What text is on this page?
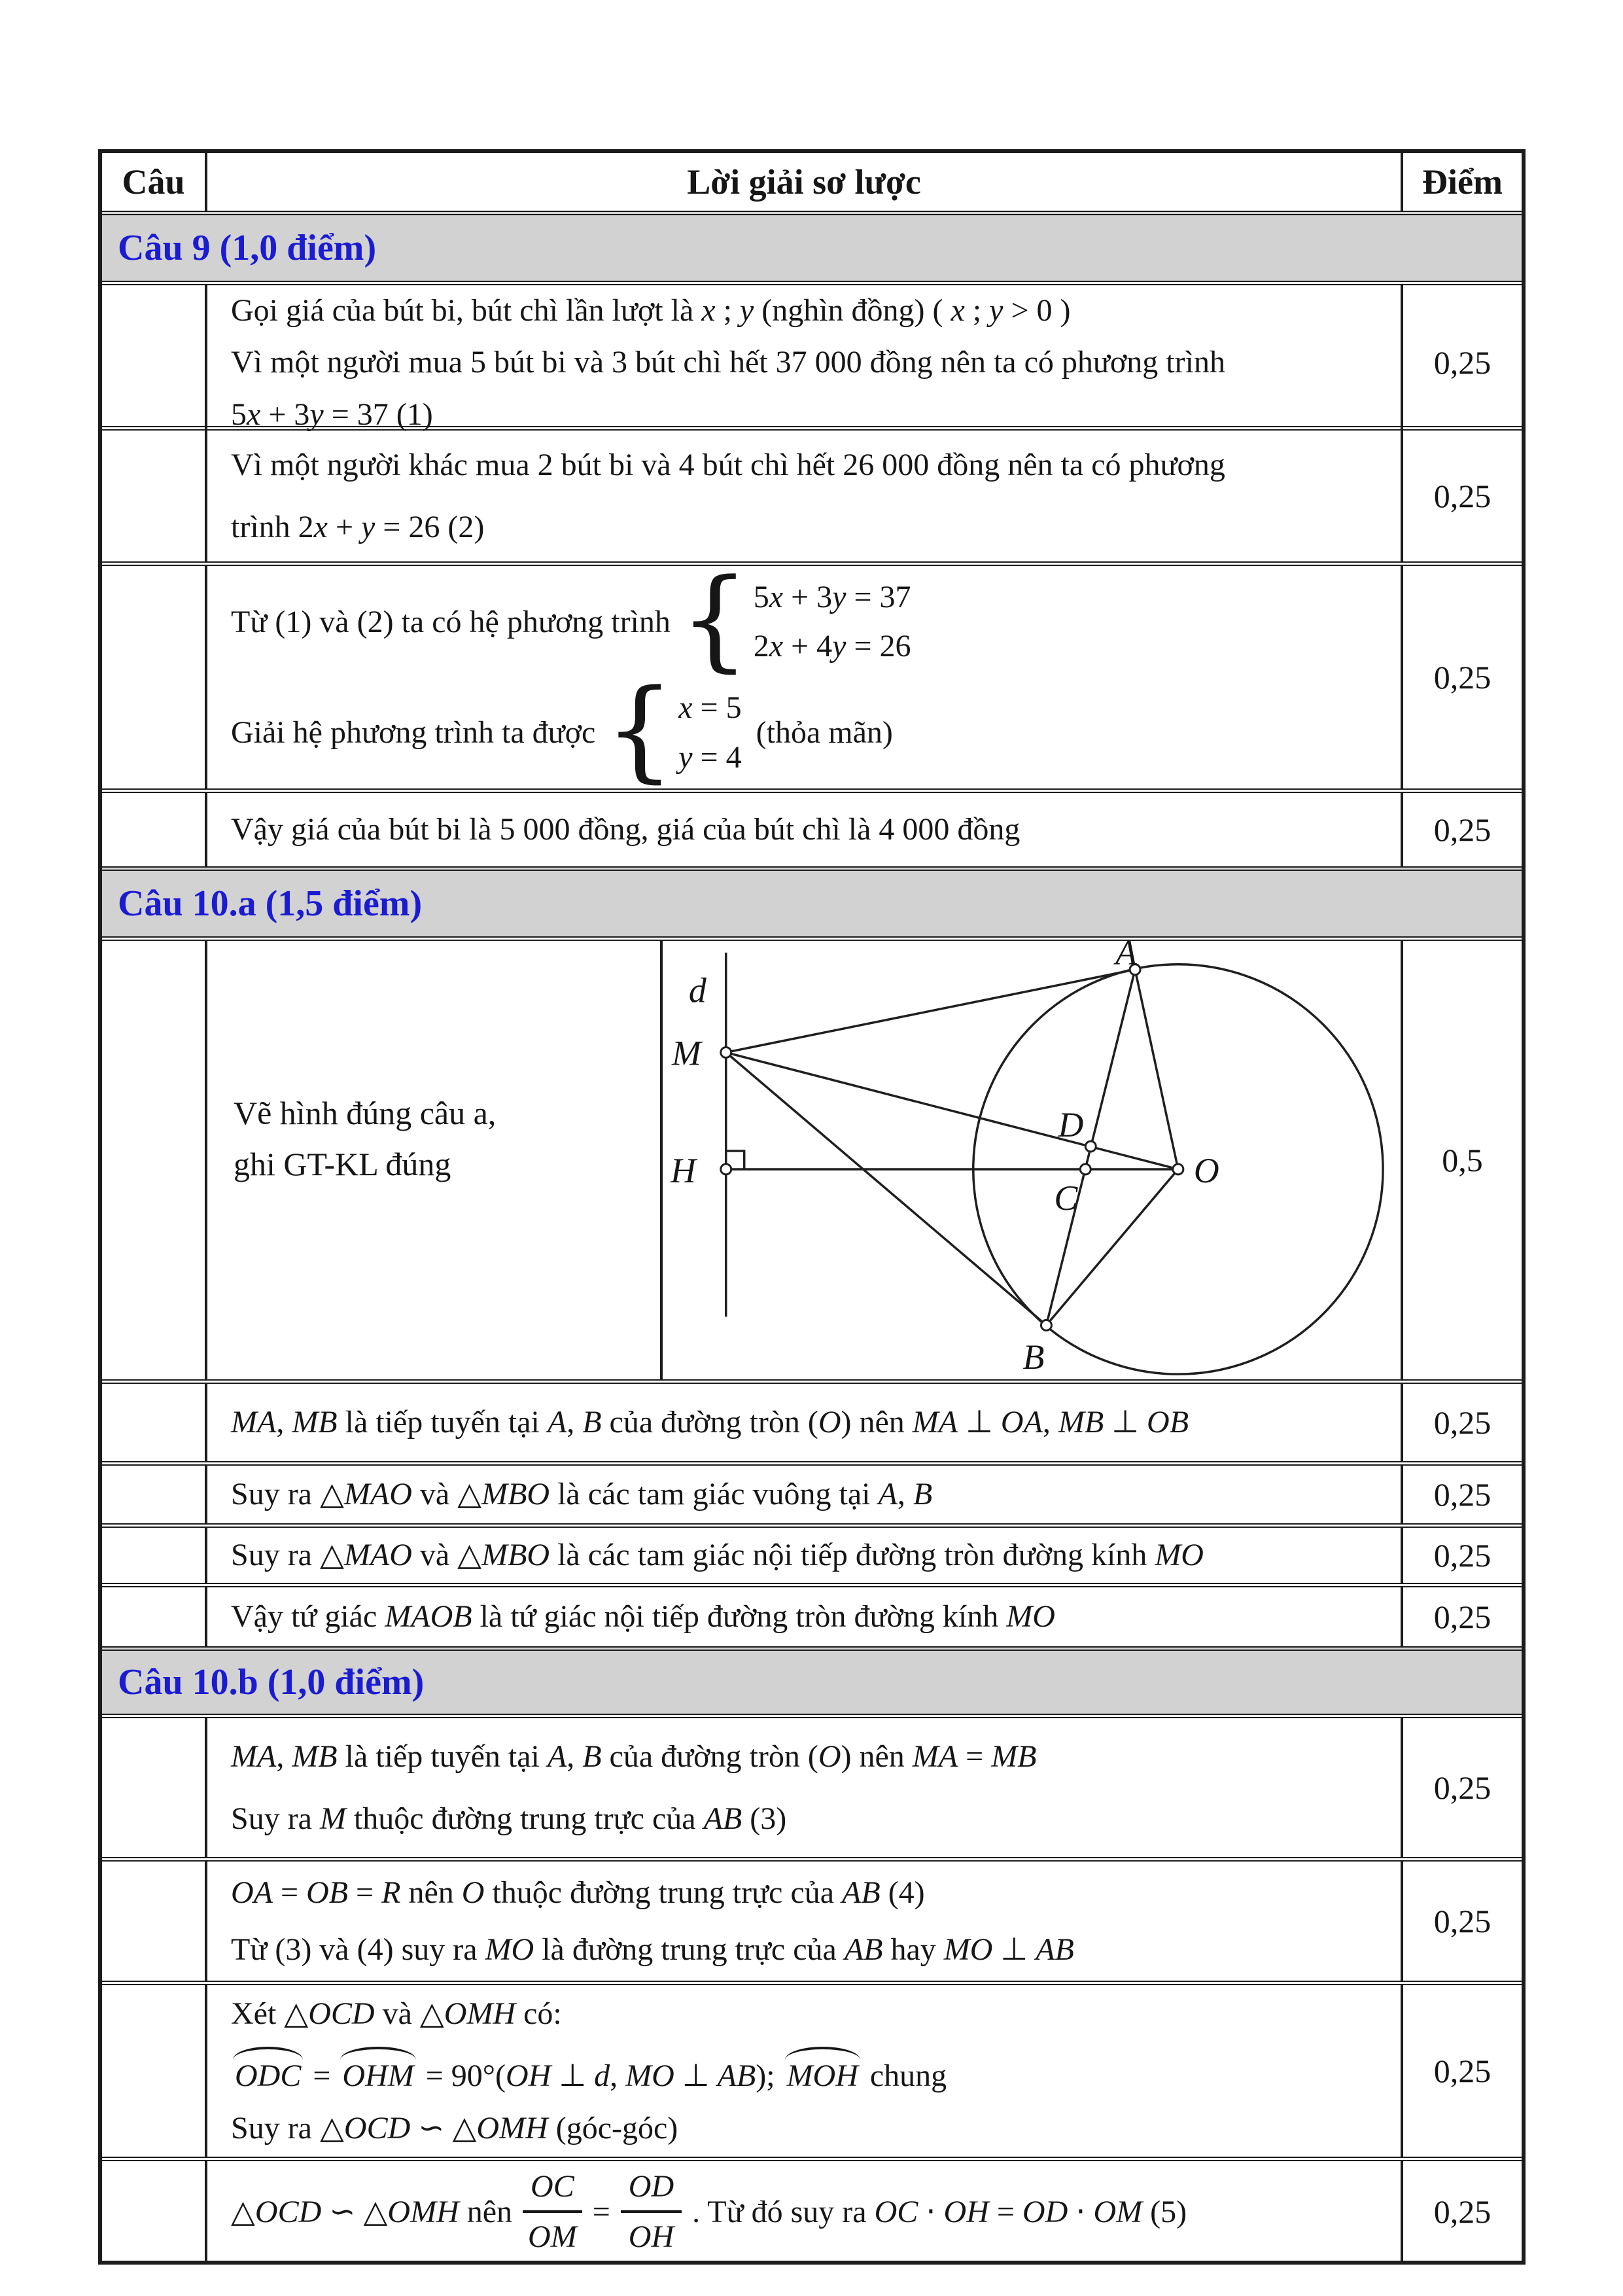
Câu	Lời giải sơ lược	Điểm
Câu 9 (1,0 điểm)
Gọi giá của bút bi, bút chì lần lượt là x ; y (nghìn đồng) ( x ; y > 0 )
Vì một người mua 5 bút bi và 3 bút chì hết 37 000 đồng nên ta có phương trình
5x + 3y = 37 (1)
0,25
Vì một người khác mua 2 bút bi và 4 bút chì hết 26 000 đồng nên ta có phương
trình 2x + y = 26 (2)
0,25
Từ (1) và (2) ta có hệ phương trình { 5x + 3y = 37
2x + 4y = 26
Giải hệ phương trình ta được { x = 5
y = 4
(thỏa mãn)
0,25
Vậy giá của bút bi là 5 000 đồng, giá của bút chì là 4 000 đồng	0,25
Câu 10.a (1,5 điểm)
Vẽ hình đúng câu a,
ghi GT-KL đúng
d
M
H
A
B
O
D
C
0,5
MA, MB là tiếp tuyến tại A, B của đường tròn (O) nên MA ⊥ OA, MB ⊥ OB	0,25
Suy ra △MAO và △MBO là các tam giác vuông tại A, B	0,25
Suy ra △MAO và △MBO là các tam giác nội tiếp đường tròn đường kính MO	0,25
Vậy tứ giác MAOB là tứ giác nội tiếp đường tròn đường kính MO	0,25
Câu 10.b (1,0 điểm)
MA, MB là tiếp tuyến tại A, B của đường tròn (O) nên MA = MB
Suy ra M thuộc đường trung trực của AB (3)
0,25
OA = OB = R nên O thuộc đường trung trực của AB (4)
Từ (3) và (4) suy ra MO là đường trung trực của AB hay MO ⊥ AB
0,25
Xét △OCD và △OMH có:
ODC = OHM = 90°(OH ⊥ d, MO ⊥ AB); MOH chung
Suy ra △OCD ∽ △OMH (góc-góc)
0,25
△OCD ∽ △OMH nên $\frac{OC}{OM} = \frac{OD}{OH}$ . Từ đó suy ra OC ⋅ OH = OD ⋅ OM (5)	0,25
